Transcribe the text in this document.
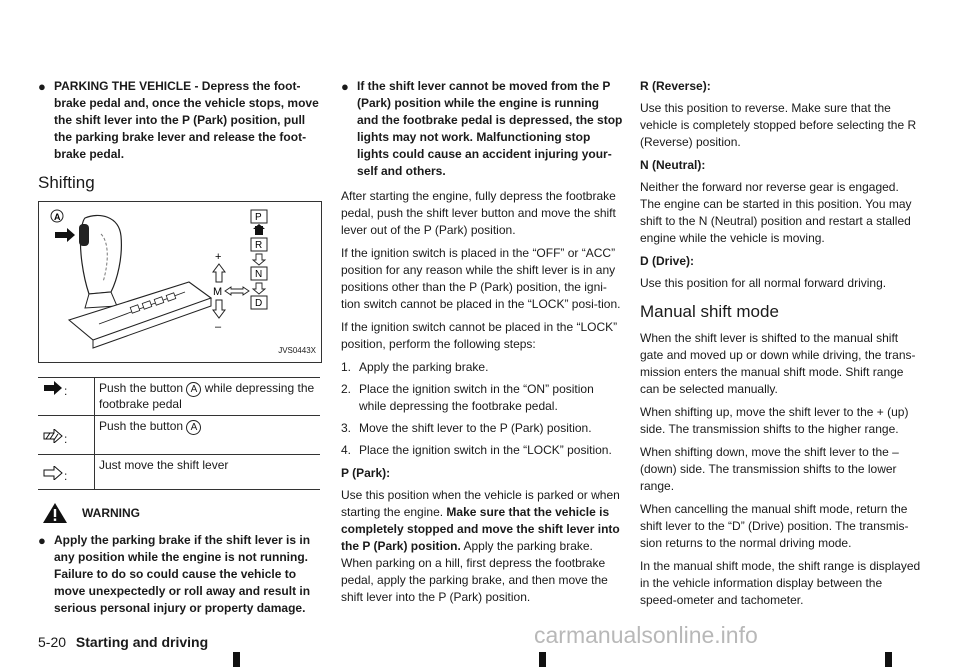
● PARKING THE VEHICLE - Depress the foot-brake pedal and, once the vehicle stops, move the shift lever into the P (Park) position, pull the parking brake lever and release the foot-brake pedal.
Shifting
A
+
M
–
P
R
N
D
JVS0443X
:	Push the button A while depressing the footbrake pedal
:	Push the button A
:	Just move the shift lever
WARNING
● Apply the parking brake if the shift lever is in any position while the engine is not running. Failure to do so could cause the vehicle to move unexpectedly or roll away and result in serious personal injury or property damage.
● If the shift lever cannot be moved from the P (Park) position while the engine is running and the footbrake pedal is depressed, the stop lights may not work. Malfunctioning stop lights could cause an accident injuring your-self and others.

After starting the engine, fully depress the footbrake pedal, push the shift lever button and move the shift lever out of the P (Park) position.

If the ignition switch is placed in the “OFF” or “ACC” position for any reason while the shift lever is in any positions other than the P (Park) position, the igni-tion switch cannot be placed in the “LOCK” posi-tion.

If the ignition switch cannot be placed in the “LOCK” position, perform the following steps:

1. Apply the parking brake.
2. Place the ignition switch in the “ON” position while depressing the footbrake pedal.
3. Move the shift lever to the P (Park) position.
4. Place the ignition switch in the “LOCK” position.
P (Park):

Use this position when the vehicle is parked or when starting the engine. Make sure that the vehicle is completely stopped and move the shift lever into the P (Park) position. Apply the parking brake. When parking on a hill, first depress the footbrake pedal, apply the parking brake, and then move the shift lever into the P (Park) position.

R (Reverse):

Use this position to reverse. Make sure that the vehicle is completely stopped before selecting the R (Reverse) position.

N (Neutral):

Neither the forward nor reverse gear is engaged. The engine can be started in this position. You may shift to the N (Neutral) position and restart a stalled engine while the vehicle is moving.

D (Drive):

Use this position for all normal forward driving.

Manual shift mode

When the shift lever is shifted to the manual shift gate and moved up or down while driving, the trans-mission enters the manual shift mode. Shift range can be selected manually.

When shifting up, move the shift lever to the + (up) side. The transmission shifts to the higher range.

When shifting down, move the shift lever to the – (down) side. The transmission shifts to the lower range.

When cancelling the manual shift mode, return the shift lever to the “D” (Drive) position. The transmis-sion returns to the normal driving mode.

In the manual shift mode, the shift range is displayed in the vehicle information display between the speed-ometer and tachometer.

5-20 Starting and driving	carmanualsonline.info
